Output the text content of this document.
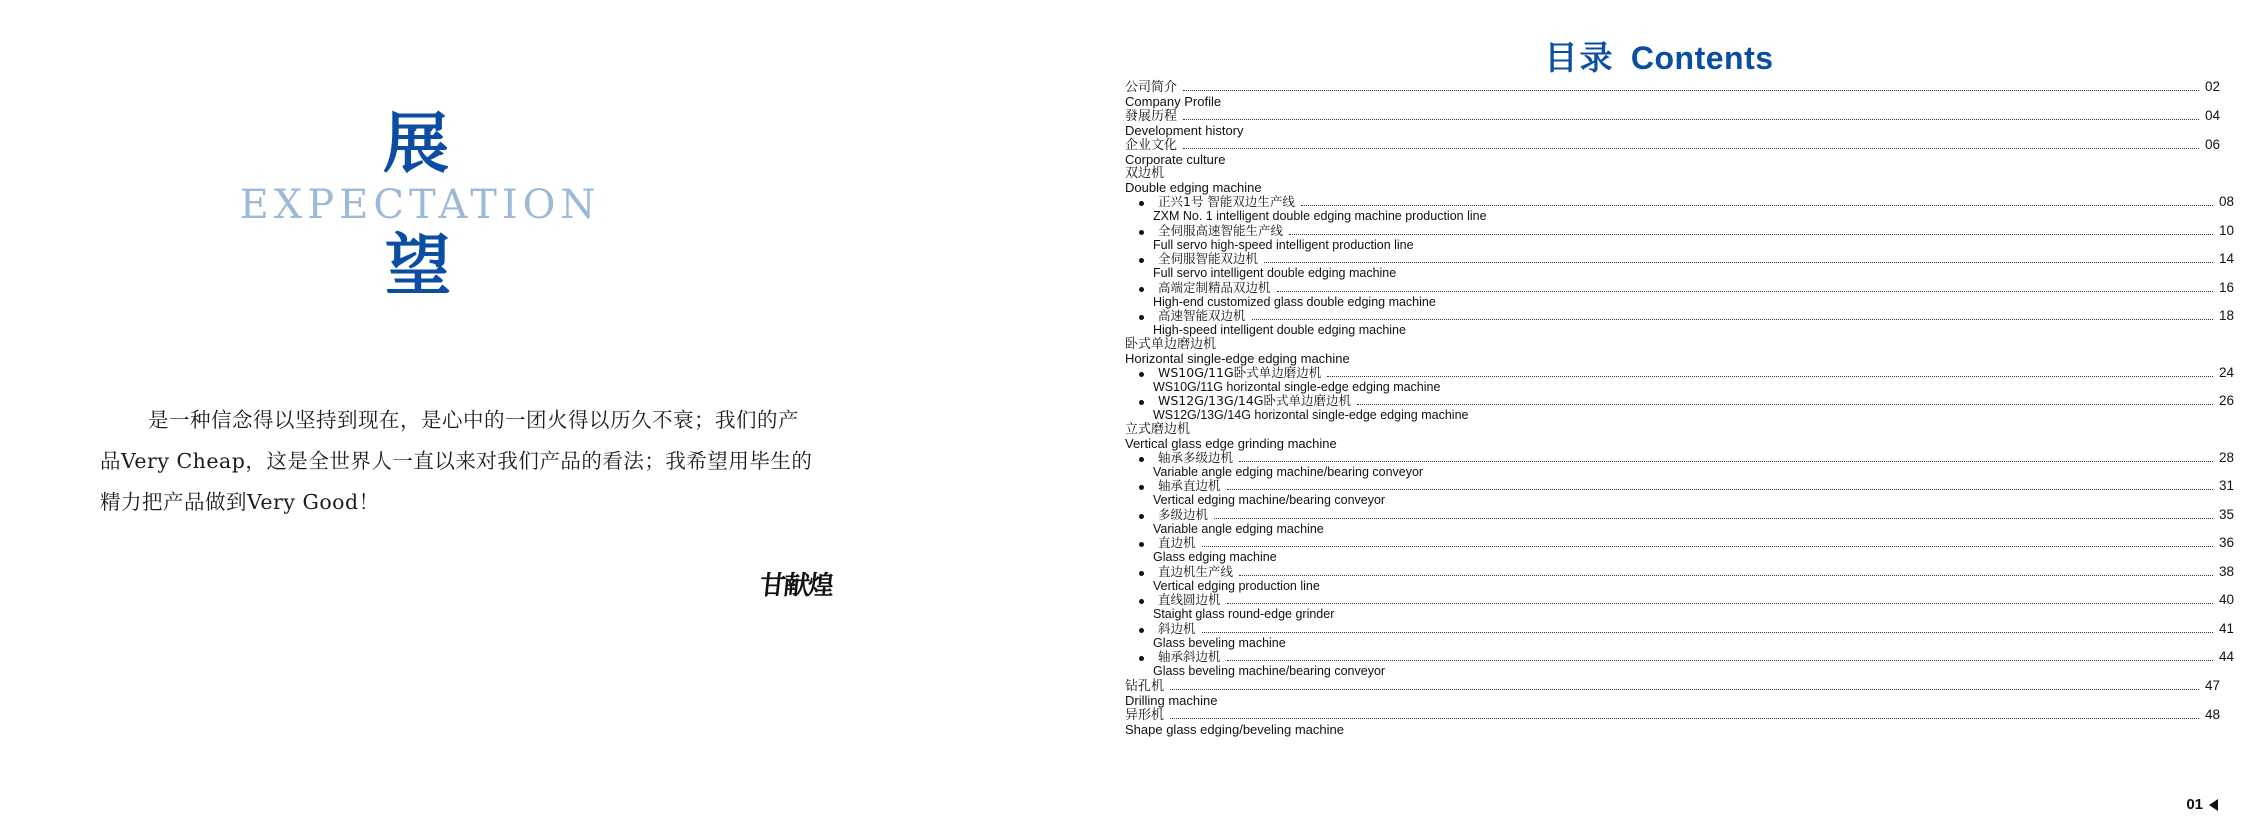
展
EXPECTATION
望
是一种信念得以坚持到现在，是心中的一团火得以历久不衰；我们的产
品Very Cheap，这是全世界人一直以来对我们产品的看法；我希望用毕生的
精力把产品做到Very Good！
甘献煌
目录 Contents
公司简介	02
Company Profile
發展历程	04
Development history
企业文化	06
Corporate culture
双边机
Double edging machine
正兴1号 智能双边生产线	08
ZXM No. 1 intelligent double edging machine production line
全伺服高速智能生产线	10
Full servo high-speed intelligent production line
全伺服智能双边机	14
Full servo intelligent double edging machine
高端定制精品双边机	16
High-end customized glass double edging machine
高速智能双边机	18
High-speed intelligent double edging machine
卧式单边磨边机
Horizontal single-edge edging machine
WS10G/11G卧式单边磨边机	24
WS10G/11G horizontal single-edge edging machine
WS12G/13G/14G卧式单边磨边机	26
WS12G/13G/14G horizontal single-edge edging machine
立式磨边机
Vertical glass edge grinding machine
轴承多级边机	28
Variable angle edging machine/bearing conveyor
轴承直边机	31
Vertical edging machine/bearing conveyor
多级边机	35
Variable angle edging machine
直边机	36
Glass edging machine
直边机生产线	38
Vertical edging production line
直线圆边机	40
Staight glass round-edge grinder
斜边机	41
Glass beveling machine
轴承斜边机	44
Glass beveling machine/bearing conveyor
钻孔机	47
Drilling machine
异形机	48
Shape glass edging/beveling machine
01
